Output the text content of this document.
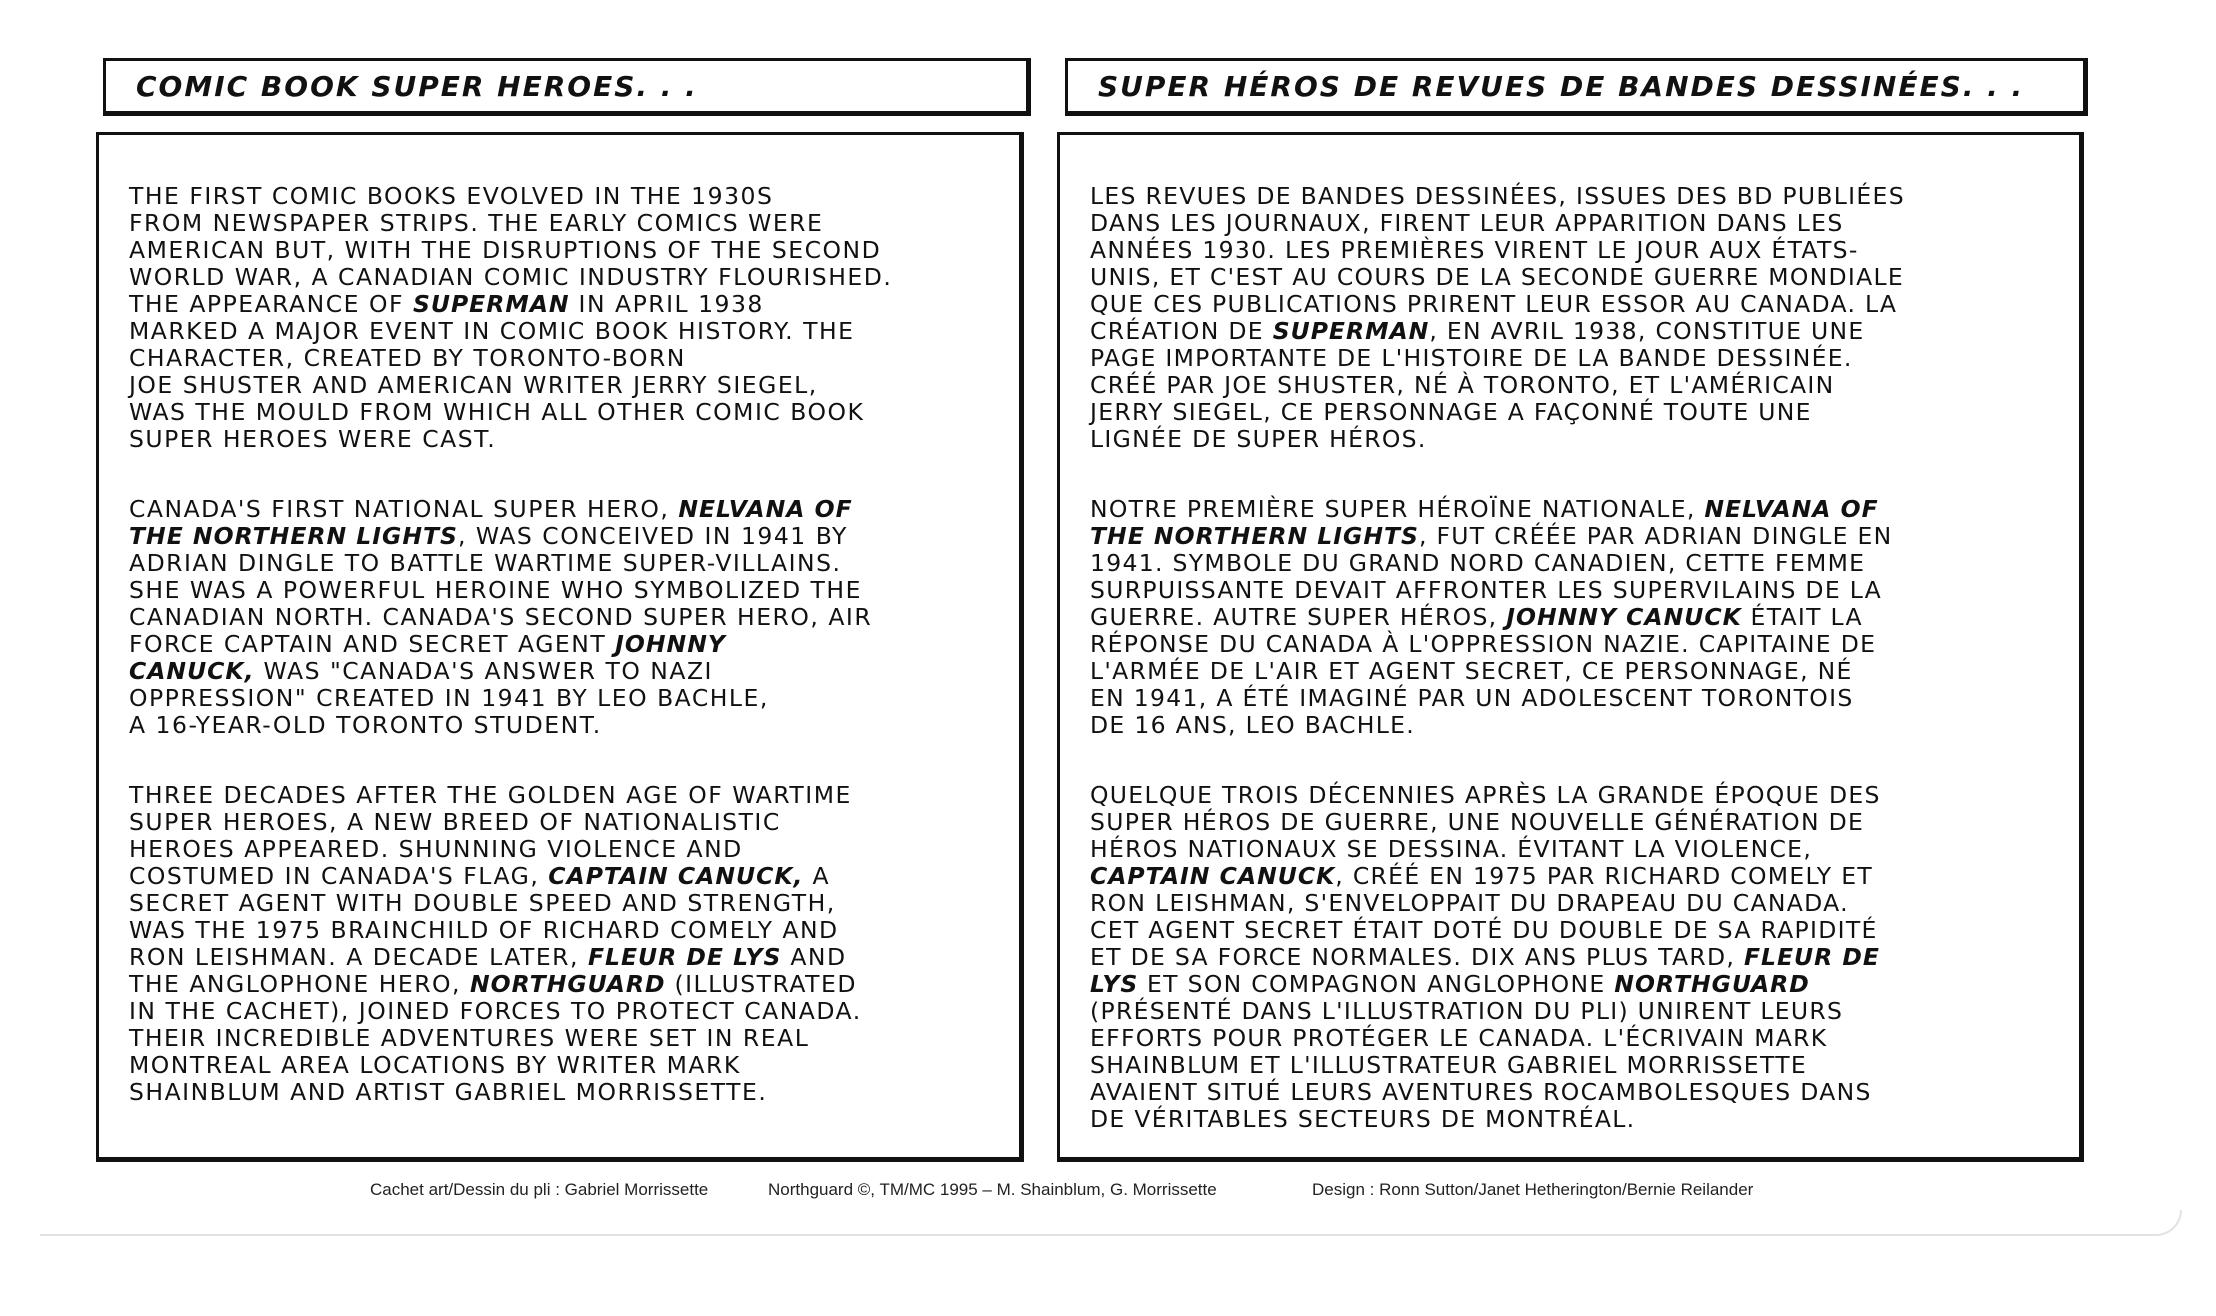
COMIC BOOK SUPER HEROES. . .	SUPER HÉROS DE REVUES DE BANDES DESSINÉES. . .

THE FIRST COMIC BOOKS EVOLVED IN THE 1930S
FROM NEWSPAPER STRIPS. THE EARLY COMICS WERE
AMERICAN BUT, WITH THE DISRUPTIONS OF THE SECOND
WORLD WAR, A CANADIAN COMIC INDUSTRY FLOURISHED.
THE APPEARANCE OF SUPERMAN IN APRIL 1938
MARKED A MAJOR EVENT IN COMIC BOOK HISTORY. THE
CHARACTER, CREATED BY TORONTO-BORN
JOE SHUSTER AND AMERICAN WRITER JERRY SIEGEL,
WAS THE MOULD FROM WHICH ALL OTHER COMIC BOOK
SUPER HEROES WERE CAST.

CANADA'S FIRST NATIONAL SUPER HERO, NELVANA OF
THE NORTHERN LIGHTS, WAS CONCEIVED IN 1941 BY
ADRIAN DINGLE TO BATTLE WARTIME SUPER-VILLAINS.
SHE WAS A POWERFUL HEROINE WHO SYMBOLIZED THE
CANADIAN NORTH. CANADA'S SECOND SUPER HERO, AIR
FORCE CAPTAIN AND SECRET AGENT JOHNNY
CANUCK, WAS "CANADA'S ANSWER TO NAZI
OPPRESSION" CREATED IN 1941 BY LEO BACHLE,
A 16-YEAR-OLD TORONTO STUDENT.

THREE DECADES AFTER THE GOLDEN AGE OF WARTIME
SUPER HEROES, A NEW BREED OF NATIONALISTIC
HEROES APPEARED. SHUNNING VIOLENCE AND
COSTUMED IN CANADA'S FLAG, CAPTAIN CANUCK, A
SECRET AGENT WITH DOUBLE SPEED AND STRENGTH,
WAS THE 1975 BRAINCHILD OF RICHARD COMELY AND
RON LEISHMAN. A DECADE LATER, FLEUR DE LYS AND
THE ANGLOPHONE HERO, NORTHGUARD (ILLUSTRATED
IN THE CACHET), JOINED FORCES TO PROTECT CANADA.
THEIR INCREDIBLE ADVENTURES WERE SET IN REAL
MONTREAL AREA LOCATIONS BY WRITER MARK
SHAINBLUM AND ARTIST GABRIEL MORRISSETTE.

LES REVUES DE BANDES DESSINÉES, ISSUES DES BD PUBLIÉES
DANS LES JOURNAUX, FIRENT LEUR APPARITION DANS LES
ANNÉES 1930. LES PREMIÈRES VIRENT LE JOUR AUX ÉTATS-
UNIS, ET C'EST AU COURS DE LA SECONDE GUERRE MONDIALE
QUE CES PUBLICATIONS PRIRENT LEUR ESSOR AU CANADA. LA
CRÉATION DE SUPERMAN, EN AVRIL 1938, CONSTITUE UNE
PAGE IMPORTANTE DE L'HISTOIRE DE LA BANDE DESSINÉE.
CRÉÉ PAR JOE SHUSTER, NÉ À TORONTO, ET L'AMÉRICAIN
JERRY SIEGEL, CE PERSONNAGE A FAÇONNÉ TOUTE UNE
LIGNÉE DE SUPER HÉROS.

NOTRE PREMIÈRE SUPER HÉROÏNE NATIONALE, NELVANA OF
THE NORTHERN LIGHTS, FUT CRÉÉE PAR ADRIAN DINGLE EN
1941. SYMBOLE DU GRAND NORD CANADIEN, CETTE FEMME
SURPUISSANTE DEVAIT AFFRONTER LES SUPERVILAINS DE LA
GUERRE. AUTRE SUPER HÉROS, JOHNNY CANUCK ÉTAIT LA
RÉPONSE DU CANADA À L'OPPRESSION NAZIE. CAPITAINE DE
L'ARMÉE DE L'AIR ET AGENT SECRET, CE PERSONNAGE, NÉ
EN 1941, A ÉTÉ IMAGINÉ PAR UN ADOLESCENT TORONTOIS
DE 16 ANS, LEO BACHLE.

QUELQUE TROIS DÉCENNIES APRÈS LA GRANDE ÉPOQUE DES
SUPER HÉROS DE GUERRE, UNE NOUVELLE GÉNÉRATION DE
HÉROS NATIONAUX SE DESSINA. ÉVITANT LA VIOLENCE,
CAPTAIN CANUCK, CRÉÉ EN 1975 PAR RICHARD COMELY ET
RON LEISHMAN, S'ENVELOPPAIT DU DRAPEAU DU CANADA.
CET AGENT SECRET ÉTAIT DOTÉ DU DOUBLE DE SA RAPIDITÉ
ET DE SA FORCE NORMALES. DIX ANS PLUS TARD, FLEUR DE
LYS ET SON COMPAGNON ANGLOPHONE NORTHGUARD
(PRÉSENTÉ DANS L'ILLUSTRATION DU PLI) UNIRENT LEURS
EFFORTS POUR PROTÉGER LE CANADA. L'ÉCRIVAIN MARK
SHAINBLUM ET L'ILLUSTRATEUR GABRIEL MORRISSETTE
AVAIENT SITUÉ LEURS AVENTURES ROCAMBOLESQUES DANS
DE VÉRITABLES SECTEURS DE MONTRÉAL.

Cachet art/Dessin du pli : Gabriel Morrissette	Northguard ©, TM/MC 1995 – M. Shainblum, G. Morrissette	Design : Ronn Sutton/Janet Hetherington/Bernie Reilander
